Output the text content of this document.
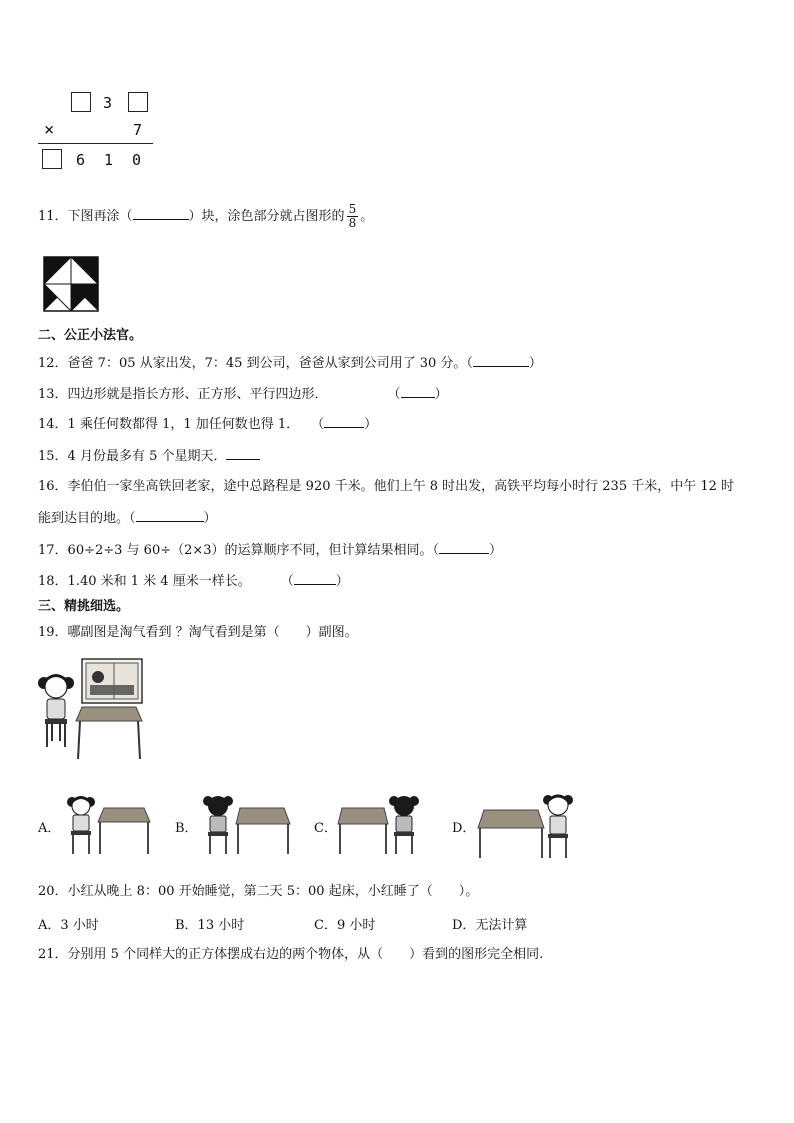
3
×	7
6 1 0
11．下图再涂（	）块，涂色部分就占图形的 $\frac{5}{8}$ 。
二、公正小法官。
12．爸爸 7：05 从家出发，7：45 到公司，爸爸从家到公司用了 30 分。（	）
13．四边形就是指长方形、正方形、平行四边形．	（	）
14．1 乘任何数都得 1，1 加任何数也得 1． （	）
15．4 月份最多有 5 个星期天．
16．李伯伯一家坐高铁回老家，途中总路程是 920 千米。他们上午 8 时出发，高铁平均每小时行 235 千米，中午 12 时
能到达目的地。（	）
17．60÷2÷3 与 60÷（2×3）的运算顺序不同，但计算结果相同。（	）
18．1.40 米和 1 米 4 厘米一样长。 （	）
三、精挑细选。
19．哪副图是淘气看到 ？淘气看到是第（　　）副图。
A．	B．	C．	D．
20．小红从晚上 8：00 开始睡觉，第二天 5：00 起床，小红睡了（　　）。
A．3 小时	B．13 小时	C．9 小时	D．无法计算
21．分别用 5 个同样大的正方体摆成右边的两个物体，从（　　）看到的图形完全相同.
